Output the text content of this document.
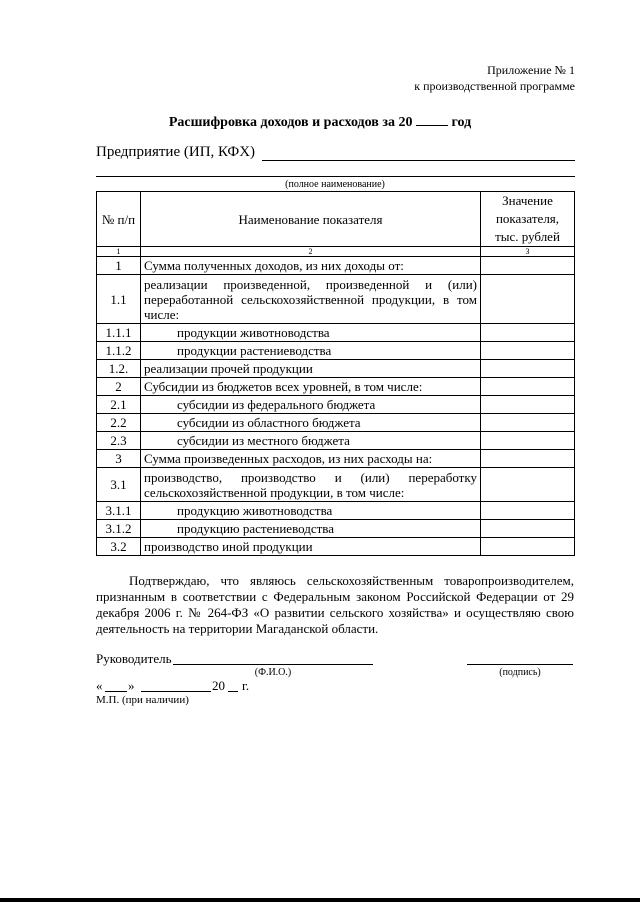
Приложение № 1
к производственной программе
Расшифровка доходов и расходов за 20	год
Предприятие (ИП, КФХ)
(полное наименование)
№ п/п	Наименование показателя	Значение показателя, тыс. рублей
1	2	3
1	Сумма полученных доходов, из них доходы от:	
1.1	реализации произведенной, произведенной и (или) переработанной сельскохозяйственной продукции, в том числе:	
1.1.1	продукции животноводства	
1.1.2	продукции растениеводства	
1.2.	реализации прочей продукции	
2	Субсидии из бюджетов всех уровней, в том числе:	
2.1	субсидии из федерального бюджета	
2.2	субсидии из областного бюджета	
2.3	субсидии из местного бюджета	
3	Сумма произведенных расходов, из них расходы на:	
3.1	производство, производство и (или) переработку сельскохозяйственной продукции, в том числе:	
3.1.1	продукцию животноводства	
3.1.2	продукцию растениеводства	
3.2	производство иной продукции	

Подтверждаю, что являюсь сельскохозяйственным товаропроизводителем, признанным в соответствии с Федеральным законом Российской Федерации от 29 декабря 2006 г. № 264-ФЗ «О развитии сельского хозяйства» и осуществляю свою деятельность на территории Магаданской области.

Руководитель
(Ф.И.О.)	(подпись)
« »	20 г.
М.П. (при наличии)
